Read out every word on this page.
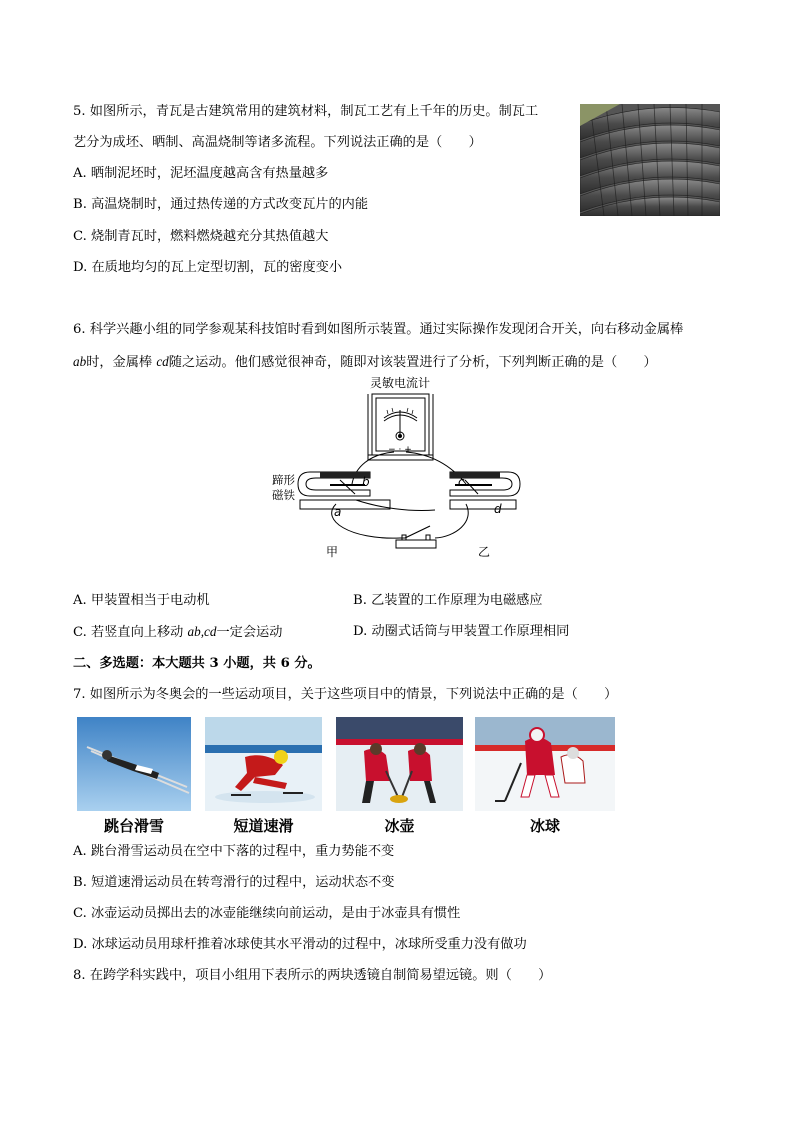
5. 如图所示，青瓦是古建筑常用的建筑材料，制瓦工艺有上千年的历史。制瓦工
艺分为成坯、晒制、高温烧制等诸多流程。下列说法正确的是（　　）
A. 晒制泥坯时，泥坯温度越高含有热量越多
B. 高温烧制时，通过热传递的方式改变瓦片的内能
C. 烧制青瓦时，燃料燃烧越充分其热值越大
D. 在质地均匀的瓦上定型切割，瓦的密度变小
6. 科学兴趣小组的同学参观某科技馆时看到如图所示装置。通过实际操作发现闭合开关，向右移动金属棒
ab时，金属棒 cd随之运动。他们感觉很神奇，随即对该装置进行了分析，下列判断正确的是（　　）
灵敏电流计
− · +
蹄形
磁铁
b
a
c
d
甲	乙
A. 甲装置相当于电动机	B. 乙装置的工作原理为电磁感应
C. 若竖直向上移动 ab,cd一定会运动	D. 动圈式话筒与甲装置工作原理相同
二、多选题：本大题共 3 小题，共 6 分。
7. 如图所示为冬奥会的一些运动项目，关于这些项目中的情景，下列说法中正确的是（　　）
跳台滑雪	短道速滑	冰壶	冰球
A. 跳台滑雪运动员在空中下落的过程中，重力势能不变
B. 短道速滑运动员在转弯滑行的过程中，运动状态不变
C. 冰壶运动员掷出去的冰壶能继续向前运动，是由于冰壶具有惯性
D. 冰球运动员用球杆推着冰球使其水平滑动的过程中，冰球所受重力没有做功
8. 在跨学科实践中，项目小组用下表所示的两块透镜自制简易望远镜。则（　　）
